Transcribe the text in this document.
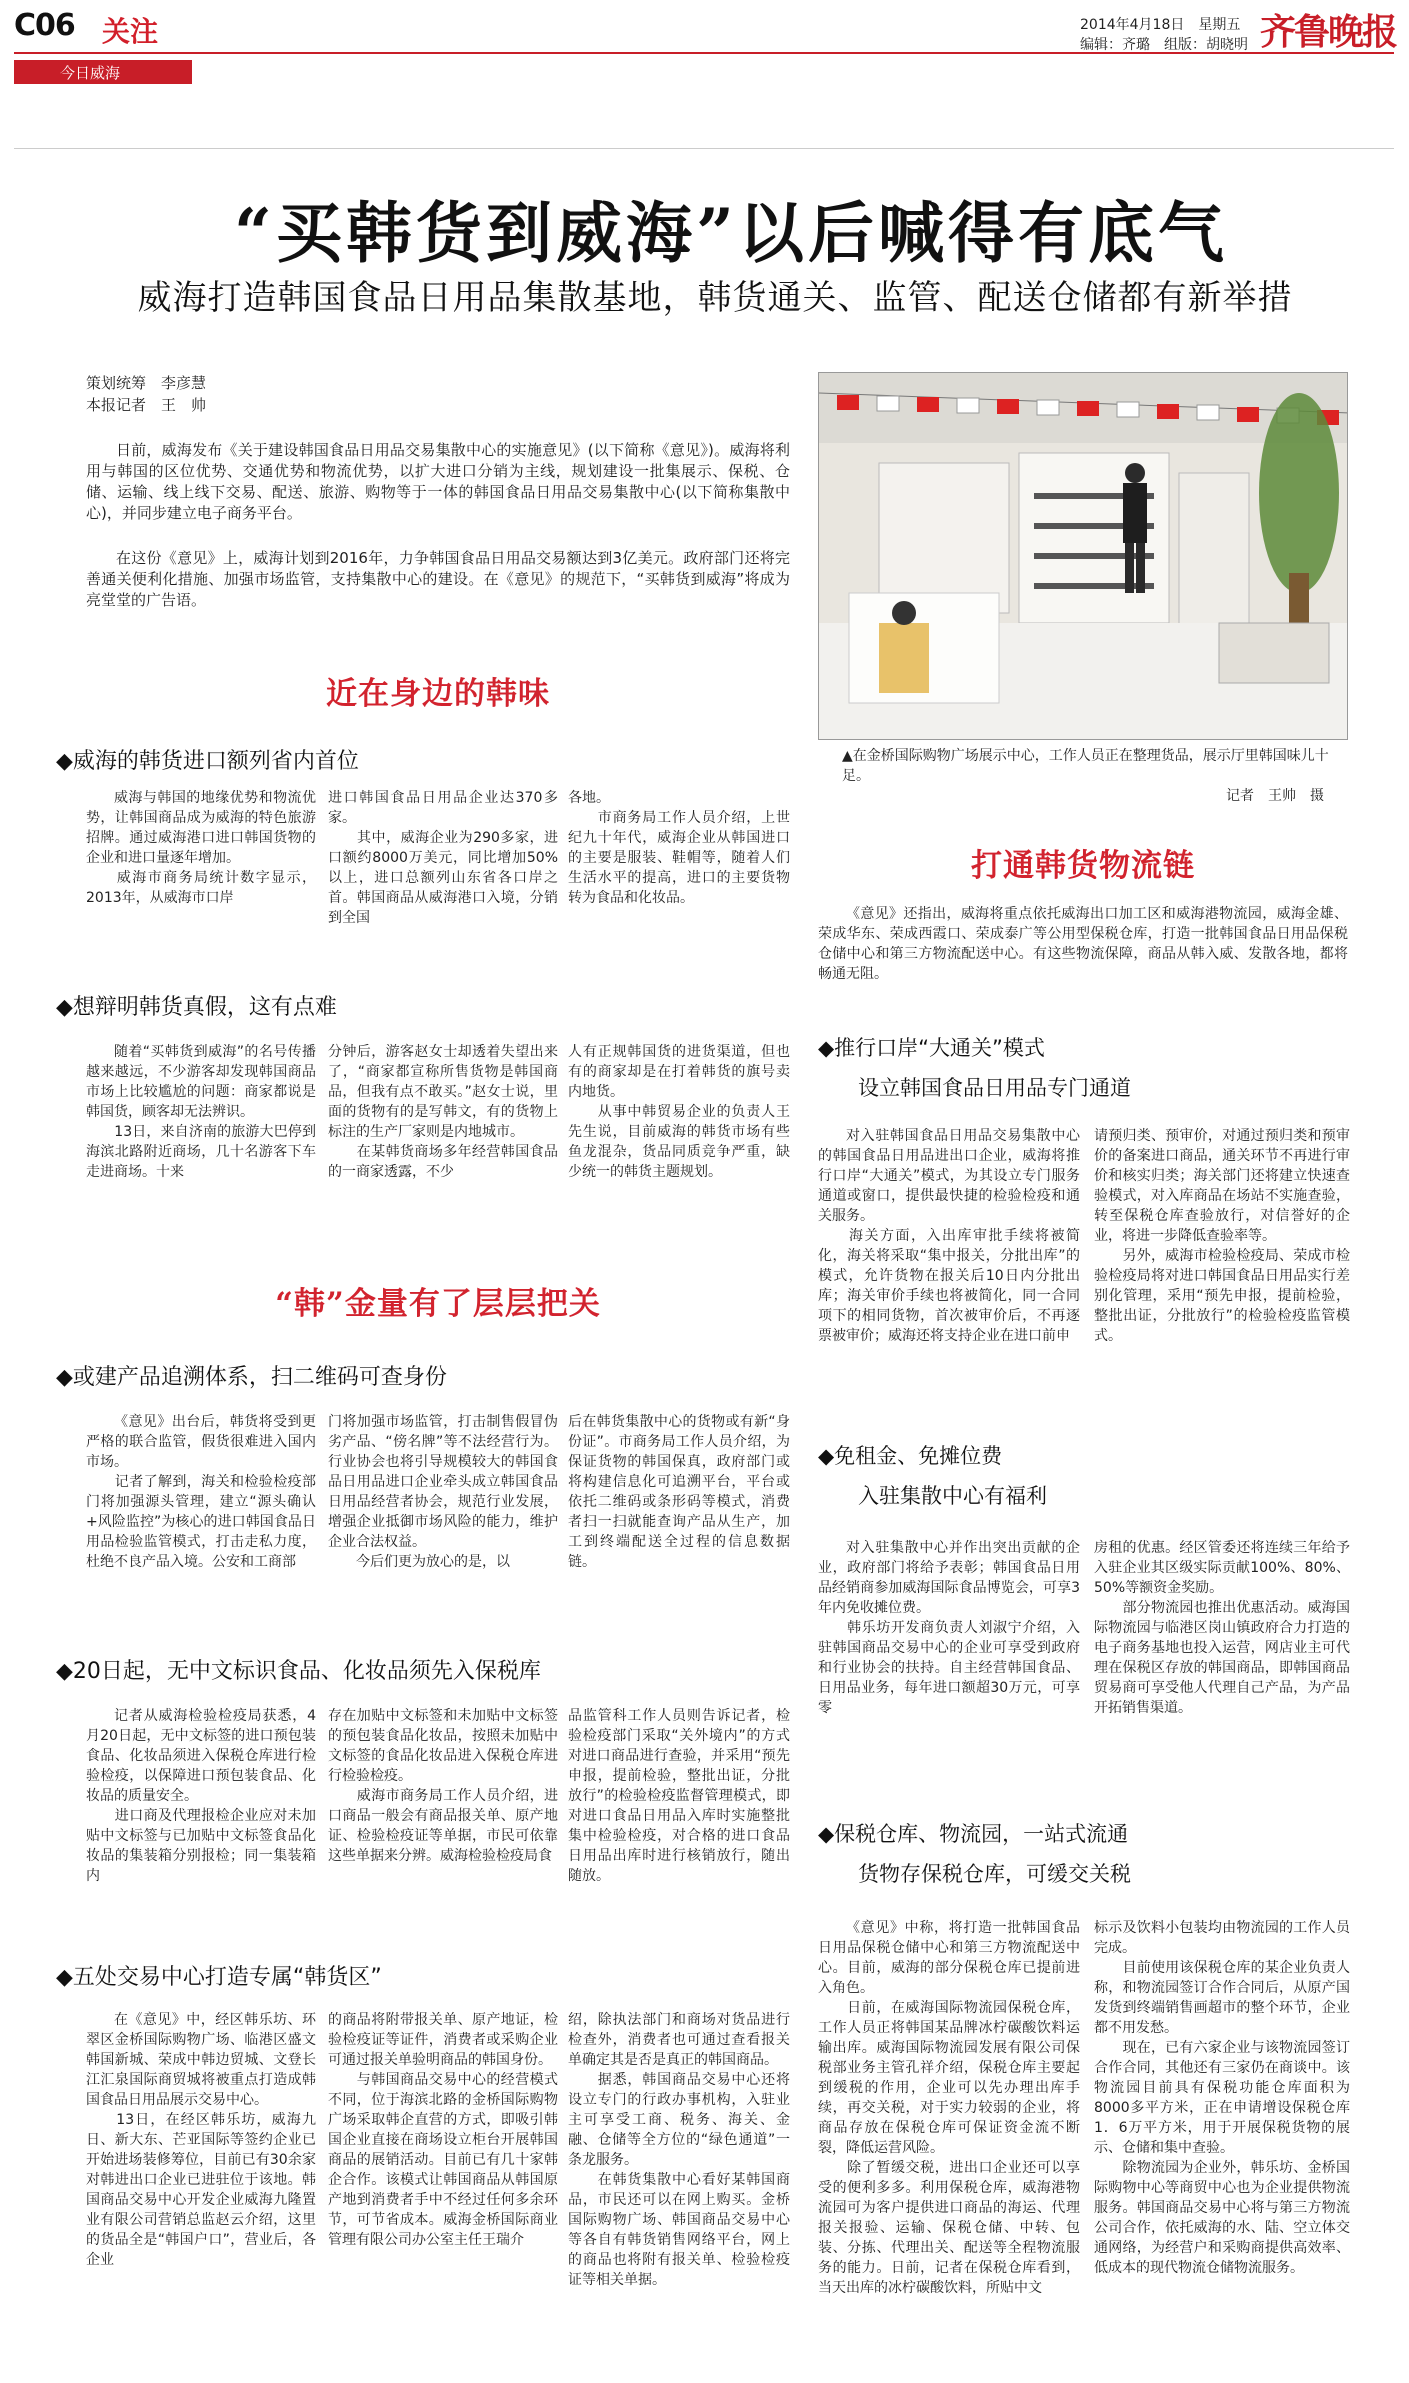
C06 关注
今日威海
2014年4月18日　星期五
编辑：齐璐　组版：胡晓明 齐鲁晚报
“买韩货到威海”以后喊得有底气
威海打造韩国食品日用品集散基地，韩货通关、监管、配送仓储都有新举措
策划统筹　李彦慧
本报记者　王　帅
日前，威海发布《关于建设韩国食品日用品交易集散中心的实施意见》(以下简称《意见》)。威海将利用与韩国的区位优势、交通优势和物流优势，以扩大进口分销为主线，规划建设一批集展示、保税、仓储、运输、线上线下交易、配送、旅游、购物等于一体的韩国食品日用品交易集散中心(以下简称集散中心)，并同步建立电子商务平台。
在这份《意见》上，威海计划到2016年，力争韩国食品日用品交易额达到3亿美元。政府部门还将完善通关便利化措施、加强市场监管，支持集散中心的建设。在《意见》的规范下，“买韩货到威海”将成为亮堂堂的广告语。
▲在金桥国际购物广场展示中心，工作人员正在整理货品，展示厅里韩国味儿十足。
记者　王帅　摄
近在身边的韩味
◆威海的韩货进口额列省内首位
威海与韩国的地缘优势和物流优势，让韩国商品成为威海的特色旅游招牌。通过威海港口进口韩国货物的企业和进口量逐年增加。
　　威海市商务局统计数字显示，2013年，从威海市口岸
进口韩国食品日用品企业达370多家。
　　其中，威海企业为290多家，进口额约8000万美元，同比增加50%以上，进口总额列山东省各口岸之首。韩国商品从威海港口入境，分销到全国
各地。
　　市商务局工作人员介绍，上世纪九十年代，威海企业从韩国进口的主要是服装、鞋帽等，随着人们生活水平的提高，进口的主要货物转为食品和化妆品。
◆想辩明韩货真假，这有点难
随着“买韩货到威海”的名号传播越来越远，不少游客却发现韩国商品市场上比较尴尬的问题：商家都说是韩国货，顾客却无法辨识。
　　13日，来自济南的旅游大巴停到海滨北路附近商场，几十名游客下车走进商场。十来
分钟后，游客赵女士却透着失望出来了，“商家都宣称所售货物是韩国商品，但我有点不敢买。”赵女士说，里面的货物有的是写韩文，有的货物上标注的生产厂家则是内地城市。
　　在某韩货商场多年经营韩国食品的一商家透露，不少
人有正规韩国货的进货渠道，但也有的商家却是在打着韩货的旗号卖内地货。
　　从事中韩贸易企业的负责人王先生说，目前威海的韩货市场有些鱼龙混杂，货品同质竞争严重，缺少统一的韩货主题规划。
“韩”金量有了层层把关
◆或建产品追溯体系，扫二维码可查身份
《意见》出台后，韩货将受到更严格的联合监管，假货很难进入国内市场。
　　记者了解到，海关和检验检疫部门将加强源头管理，建立“源头确认+风险监控”为核心的进口韩国食品日用品检验监管模式，打击走私力度，杜绝不良产品入境。公安和工商部
门将加强市场监管，打击制售假冒伪劣产品、“傍名牌”等不法经营行为。行业协会也将引导规模较大的韩国食品日用品进口企业牵头成立韩国食品日用品经营者协会，规范行业发展，增强企业抵御市场风险的能力，维护企业合法权益。
　　今后们更为放心的是，以
后在韩货集散中心的货物或有新“身份证”。市商务局工作人员介绍，为保证货物的韩国保真，政府部门或将构建信息化可追溯平台，平台或依托二维码或条形码等模式，消费者扫一扫就能查询产品从生产，加工到终端配送全过程的信息数据链。
◆20日起，无中文标识食品、化妆品须先入保税库
记者从威海检验检疫局获悉，4月20日起，无中文标签的进口预包装食品、化妆品须进入保税仓库进行检验检疫，以保障进口预包装食品、化妆品的质量安全。
　　进口商及代理报检企业应对未加贴中文标签与已加贴中文标签食品化妆品的集装箱分别报检；同一集装箱内
存在加贴中文标签和未加贴中文标签的预包装食品化妆品，按照未加贴中文标签的食品化妆品进入保税仓库进行检验检疫。
　　威海市商务局工作人员介绍，进口商品一般会有商品报关单、原产地证、检验检疫证等单据，市民可依靠这些单据来分辨。威海检验检疫局食
品监管科工作人员则告诉记者，检验检疫部门采取“关外境内”的方式对进口商品进行查验，并采用“预先申报，提前检验，整批出证，分批放行”的检验检疫监督管理模式，即对进口食品日用品入库时实施整批集中检验检疫，对合格的进口食品日用品出库时进行核销放行，随出随放。
◆五处交易中心打造专属“韩货区”
在《意见》中，经区韩乐坊、环翠区金桥国际购物广场、临港区盛文韩国新城、荣成中韩边贸城、文登长江汇泉国际商贸城将被重点打造成韩国食品日用品展示交易中心。
　　13日，在经区韩乐坊，威海九日、新大东、芒亚国际等签约企业已开始进场装修筹位，目前已有30余家对韩进出口企业已进驻位于该地。韩国商品交易中心开发企业威海九隆置业有限公司营销总监赵云介绍，这里的货品全是“韩国户口”，营业后，各企业
的商品将附带报关单、原产地证，检验检疫证等证件，消费者或采购企业可通过报关单验明商品的韩国身份。
　　与韩国商品交易中心的经营模式不同，位于海滨北路的金桥国际购物广场采取韩企直营的方式，即吸引韩国企业直接在商场设立柜台开展韩国商品的展销活动。目前已有几十家韩企合作。该模式让韩国商品从韩国原产地到消费者手中不经过任何多余环节，可节省成本。威海金桥国际商业管理有限公司办公室主任王瑞介
绍，除执法部门和商场对货品进行检查外，消费者也可通过查看报关单确定其是否是真正的韩国商品。
　　据悉，韩国商品交易中心还将设立专门的行政办事机构，入驻业主可享受工商、税务、海关、金融、仓储等全方位的“绿色通道”一条龙服务。
　　在韩货集散中心看好某韩国商品，市民还可以在网上购买。金桥国际购物广场、韩国商品交易中心等各自有韩货销售网络平台，网上的商品也将附有报关单、检验检疫证等相关单据。
打通韩货物流链
《意见》还指出，威海将重点依托威海出口加工区和威海港物流园，威海金雄、荣成华东、荣成西霞口、荣成泰广等公用型保税仓库，打造一批韩国食品日用品保税仓储中心和第三方物流配送中心。有这些物流保障，商品从韩入威、发散各地，都将畅通无阻。
◆推行口岸“大通关”模式
设立韩国食品日用品专门通道
对入驻韩国食品日用品交易集散中心的韩国食品日用品进出口企业，威海将推行口岸“大通关”模式，为其设立专门服务通道或窗口，提供最快捷的检验检疫和通关服务。
　　海关方面，入出库审批手续将被简化，海关将采取“集中报关，分批出库”的模式，允许货物在报关后10日内分批出库；海关审价手续也将被简化，同一合同项下的相同货物，首次被审价后，不再逐票被审价；威海还将支持企业在进口前申
请预归类、预审价，对通过预归类和预审价的备案进口商品，通关环节不再进行审价和核实归类；海关部门还将建立快速查验模式，对入库商品在场站不实施查验，转至保税仓库查验放行，对信誉好的企业，将进一步降低查验率等。
　　另外，威海市检验检疫局、荣成市检验检疫局将对进口韩国食品日用品实行差别化管理，采用“预先申报，提前检验，整批出证，分批放行”的检验检疫监管模式。
◆免租金、免摊位费
入驻集散中心有福利
对入驻集散中心并作出突出贡献的企业，政府部门将给予表彰；韩国食品日用品经销商参加威海国际食品博览会，可享3年内免收摊位费。
　　韩乐坊开发商负责人刘淑宁介绍，入驻韩国商品交易中心的企业可享受到政府和行业协会的扶持。自主经营韩国食品、日用品业务，每年进口额超30万元，可享零
房租的优惠。经区管委还将连续三年给予入驻企业其区级实际贡献100%、80%、50%等额资金奖励。
　　部分物流园也推出优惠活动。威海国际物流园与临港区岗山镇政府合力打造的电子商务基地也投入运营，网店业主可代理在保税区存放的韩国商品，即韩国商品贸易商可享受他人代理自己产品，为产品开拓销售渠道。
◆保税仓库、物流园，一站式流通
货物存保税仓库，可缓交关税
《意见》中称，将打造一批韩国食品日用品保税仓储中心和第三方物流配送中心。目前，威海的部分保税仓库已提前进入角色。
　　日前，在威海国际物流园保税仓库，工作人员正将韩国某品牌冰柠碳酸饮料运输出库。威海国际物流园发展有限公司保税部业务主管孔祥介绍，保税仓库主要起到缓税的作用，企业可以先办理出库手续，再交关税，对于实力较弱的企业，将商品存放在保税仓库可保证资金流不断裂，降低运营风险。
　　除了暂缓交税，进出口企业还可以享受的便利多多。利用保税仓库，威海港物流园可为客户提供进口商品的海运、代理报关报验、运输、保税仓储、中转、包装、分拣、代理出关、配送等全程物流服务的能力。日前，记者在保税仓库看到，当天出库的冰柠碳酸饮料，所贴中文
标示及饮料小包装均由物流园的工作人员完成。
　　目前使用该保税仓库的某企业负责人称，和物流园签订合作合同后，从原产国发货到终端销售画超市的整个环节，企业都不用发愁。
　　现在，已有六家企业与该物流园签订合作合同，其他还有三家仍在商谈中。该物流园目前具有保税功能仓库面积为8000多平方米，正在申请增设保税仓库1．6万平方米，用于开展保税货物的展示、仓储和集中查验。
　　除物流园为企业外，韩乐坊、金桥国际购物中心等商贸中心也为企业提供物流服务。韩国商品交易中心将与第三方物流公司合作，依托威海的水、陆、空立体交通网络，为经营户和采购商提供高效率、低成本的现代物流仓储物流服务。
